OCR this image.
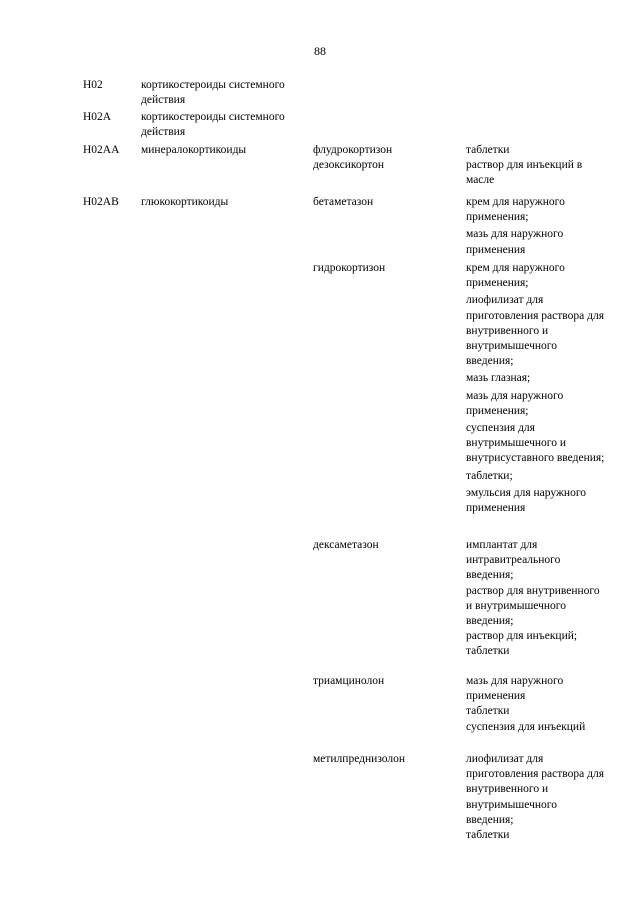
88
H02	кортикостероиды системного действия
H02A	кортикостероиды системного действия
H02AA	минералокортикоиды	флудрокортизон	таблетки
дезоксикортон	раствор для инъекций в масле
H02AB	глюкокортикоиды	бетаметазон	крем для наружного применения;
мазь для наружного применения
гидрокортизон	крем для наружного применения;
лиофилизат для приготовления раствора для внутривенного и внутримышечного введения;
мазь глазная;
мазь для наружного применения;
суспензия для внутримышечного и внутрисуставного введения;
таблетки;
эмульсия для наружного применения
дексаметазон	имплантат для интравитреального введения;
раствор для внутривенного и внутримышечного введения;
раствор для инъекций;
таблетки
триамцинолон	мазь для наружного применения
таблетки
суспензия для инъекций
метилпреднизолон	лиофилизат для приготовления раствора для внутривенного и внутримышечного введения;
таблетки
